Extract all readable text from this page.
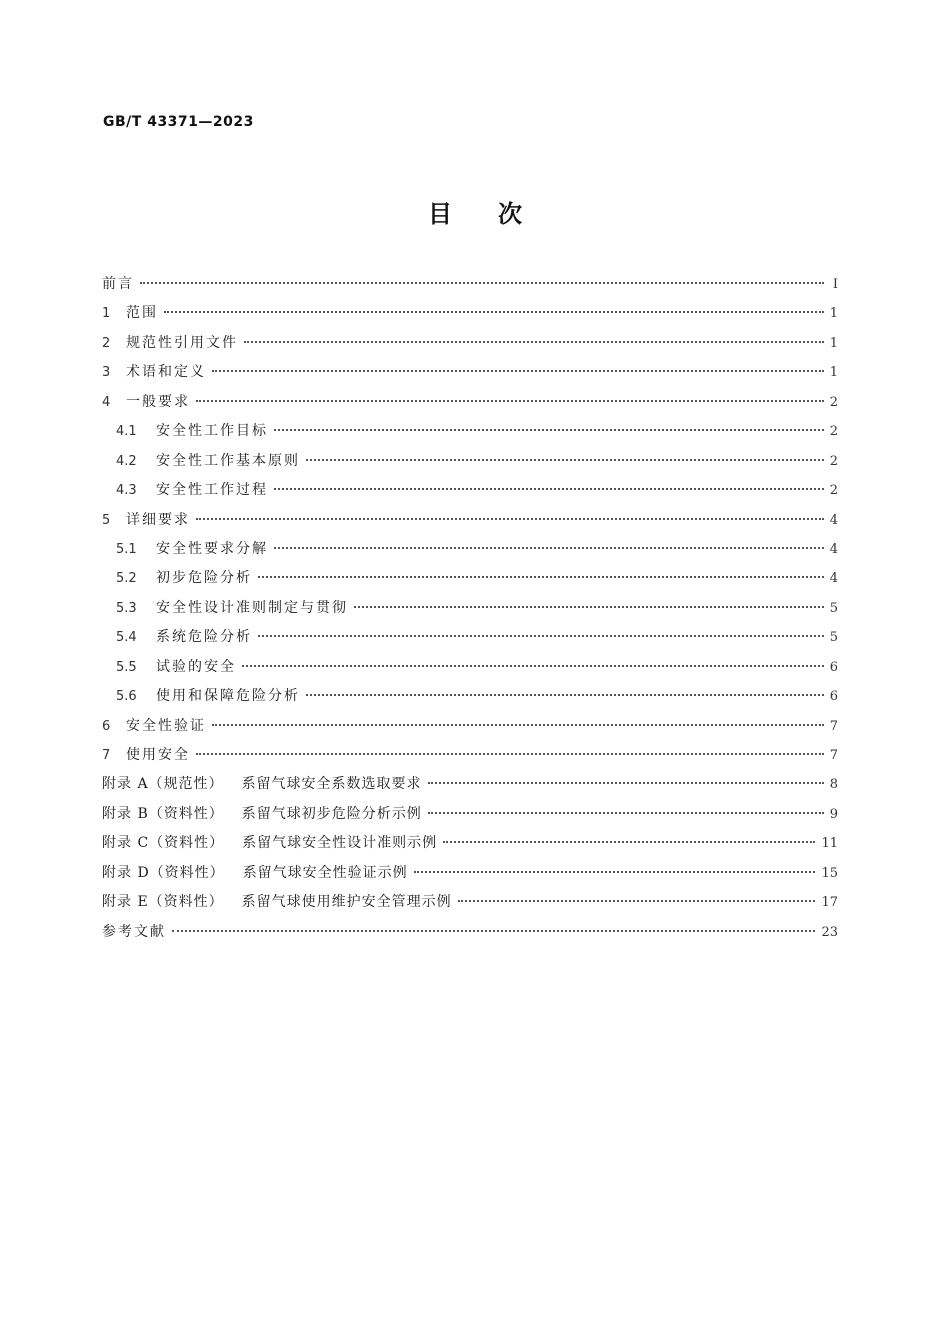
GB/T 43371—2023
目次
前言	Ⅰ
1	范围	1
2	规范性引用文件	1
3	术语和定义	1
4	一般要求	2
4.1	安全性工作目标	2
4.2	安全性工作基本原则	2
4.3	安全性工作过程	2
5	详细要求	4
5.1	安全性要求分解	4
5.2	初步危险分析	4
5.3	安全性设计准则制定与贯彻	5
5.4	系统危险分析	5
5.5	试验的安全	6
5.6	使用和保障危险分析	6
6	安全性验证	7
7	使用安全	7
附录 A（规范性） 系留气球安全系数选取要求	8
附录 B（资料性） 系留气球初步危险分析示例	9
附录 C（资料性） 系留气球安全性设计准则示例	11
附录 D（资料性） 系留气球安全性验证示例	15
附录 E（资料性） 系留气球使用维护安全管理示例	17
参考文献	23
